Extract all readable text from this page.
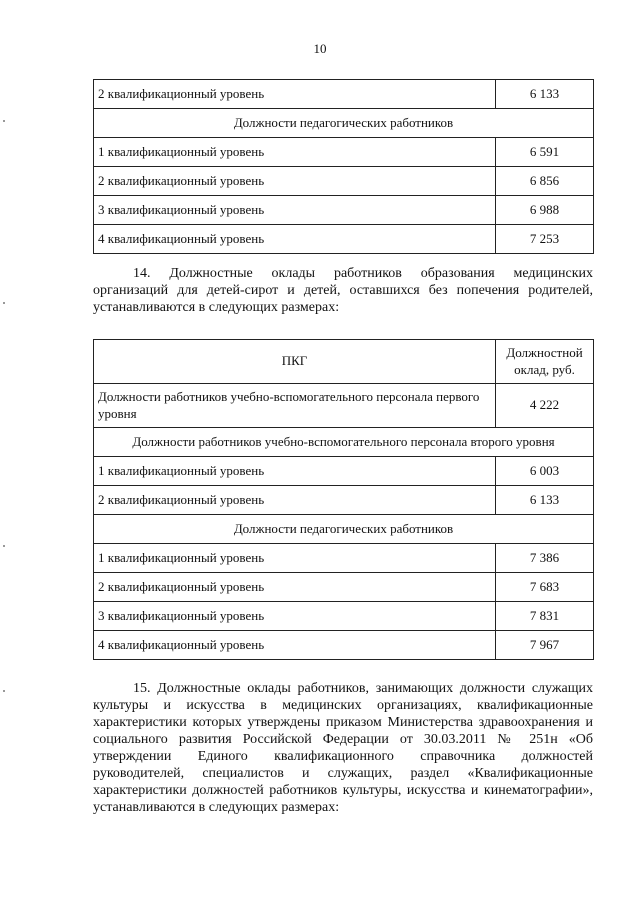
10
2 квалификационный уровень	6 133
Должности педагогических работников	
1 квалификационный уровень	6 591
2 квалификационный уровень	6 856
3 квалификационный уровень	6 988
4 квалификационный уровень	7 253

14. Должностные оклады работников образования медицинских организаций для детей-сирот и детей, оставшихся без попечения родителей, устанавливаются в следующих размерах:

ПКГ	Должностной оклад, руб.
Должности работников учебно-вспомогательного персонала первого уровня	4 222
Должности работников учебно-вспомогательного персонала второго уровня	
1 квалификационный уровень	6 003
2 квалификационный уровень	6 133
Должности педагогических работников	
1 квалификационный уровень	7 386
2 квалификационный уровень	7 683
3 квалификационный уровень	7 831
4 квалификационный уровень	7 967

15. Должностные оклады работников, занимающих должности служащих культуры и искусства в медицинских организациях, квалификационные характеристики которых утверждены приказом Министерства здравоохранения и социального развития Российской Федерации от 30.03.2011 № 251н «Об утверждении Единого квалификационного справочника должностей руководителей, специалистов и служащих, раздел «Квалификационные характеристики должностей работников культуры, искусства и кинематографии», устанавливаются в следующих размерах:
